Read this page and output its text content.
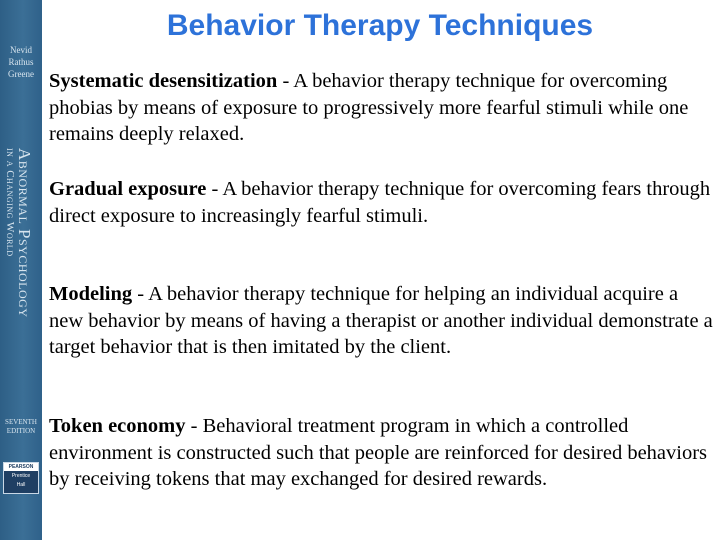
Nevid
Rathus
Greene
Abnormal Psychology
in a Changing World
SEVENTH
EDITION
PEARSON
Prentice
Hall
Behavior Therapy Techniques

Systematic desensitization - A behavior therapy technique for overcoming phobias by means of exposure to progressively more fearful stimuli while one remains deeply relaxed.

Gradual exposure - A behavior therapy technique for overcoming fears through direct exposure to increasingly fearful stimuli.

Modeling - A behavior therapy technique for helping an individual acquire a new behavior by means of having a therapist or another individual demonstrate a target behavior that is then imitated by the client.

Token economy - Behavioral treatment program in which a controlled environment is constructed such that people are reinforced for desired behaviors by receiving tokens that may exchanged for desired rewards.
